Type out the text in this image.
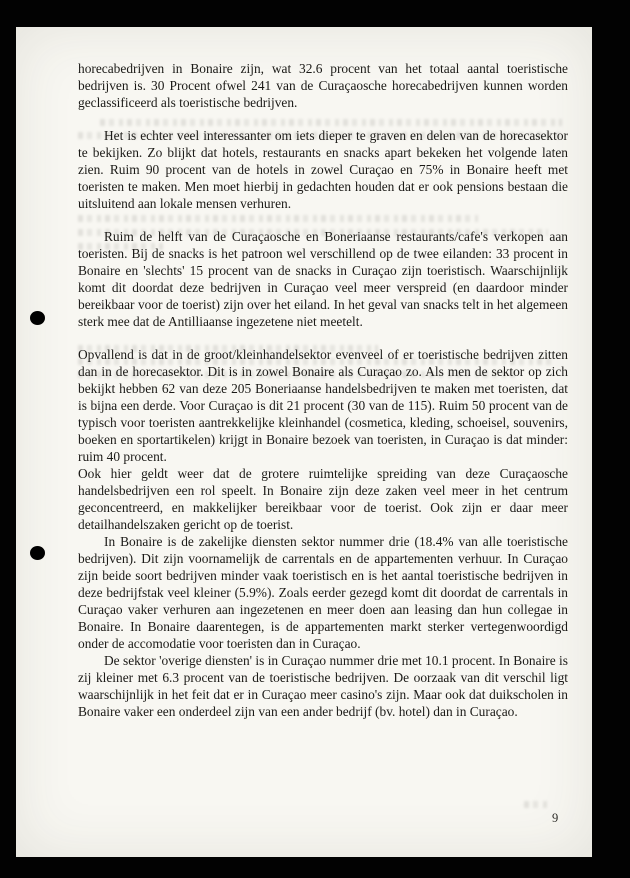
horecabedrijven in Bonaire zijn, wat 32.6 procent van het totaal aantal toeristische bedrijven is. 30 Procent ofwel 241 van de Curaçaosche horecabedrijven kunnen worden geclassificeerd als toeristische bedrijven.

Het is echter veel interessanter om iets dieper te graven en delen van de horecasektor te bekijken. Zo blijkt dat hotels, restaurants en snacks apart bekeken het volgende laten zien. Ruim 90 procent van de hotels in zowel Curaçao en 75% in Bonaire heeft met toeristen te maken. Men moet hierbij in gedachten houden dat er ook pensions bestaan die uitsluitend aan lokale mensen verhuren.

Ruim de helft van de Curaçaosche en Boneriaanse restaurants/cafe's verkopen aan toeristen. Bij de snacks is het patroon wel verschillend op de twee eilanden: 33 procent in Bonaire en 'slechts' 15 procent van de snacks in Curaçao zijn toeristisch. Waarschijnlijk komt dit doordat deze bedrijven in Curaçao veel meer verspreid (en daardoor minder bereikbaar voor de toerist) zijn over het eiland. In het geval van snacks telt in het algemeen sterk mee dat de Antilliaanse ingezetene niet meetelt.

Opvallend is dat in de groot/kleinhandelsektor evenveel of er toeristische bedrijven zitten dan in de horecasektor. Dit is in zowel Bonaire als Curaçao zo. Als men de sektor op zich bekijkt hebben 62 van deze 205 Boneriaanse handelsbedrijven te maken met toeristen, dat is bijna een derde. Voor Curaçao is dit 21 procent (30 van de 115). Ruim 50 procent van de typisch voor toeristen aantrekkelijke kleinhandel (cosmetica, kleding, schoeisel, souvenirs, boeken en sportartikelen) krijgt in Bonaire bezoek van toeristen, in Curaçao is dat minder: ruim 40 procent.

Ook hier geldt weer dat de grotere ruimtelijke spreiding van deze Curaçaosche handelsbedrijven een rol speelt. In Bonaire zijn deze zaken veel meer in het centrum geconcentreerd, en makkelijker bereikbaar voor de toerist. Ook zijn er daar meer detailhandelszaken gericht op de toerist.

In Bonaire is de zakelijke diensten sektor nummer drie (18.4% van alle toeristische bedrijven). Dit zijn voornamelijk de carrentals en de appartementen verhuur. In Curaçao zijn beide soort bedrijven minder vaak toeristisch en is het aantal toeristische bedrijven in deze bedrijfstak veel kleiner (5.9%). Zoals eerder gezegd komt dit doordat de carrentals in Curaçao vaker verhuren aan ingezetenen en meer doen aan leasing dan hun collegae in Bonaire. In Bonaire daarentegen, is de appartementen markt sterker vertegenwoordigd onder de accomodatie voor toeristen dan in Curaçao.

De sektor 'overige diensten' is in Curaçao nummer drie met 10.1 procent. In Bonaire is zij kleiner met 6.3 procent van de toeristische bedrijven. De oorzaak van dit verschil ligt waarschijnlijk in het feit dat er in Curaçao meer casino's zijn. Maar ook dat duikscholen in Bonaire vaker een onderdeel zijn van een ander bedrijf (bv. hotel) dan in Curaçao.

9
